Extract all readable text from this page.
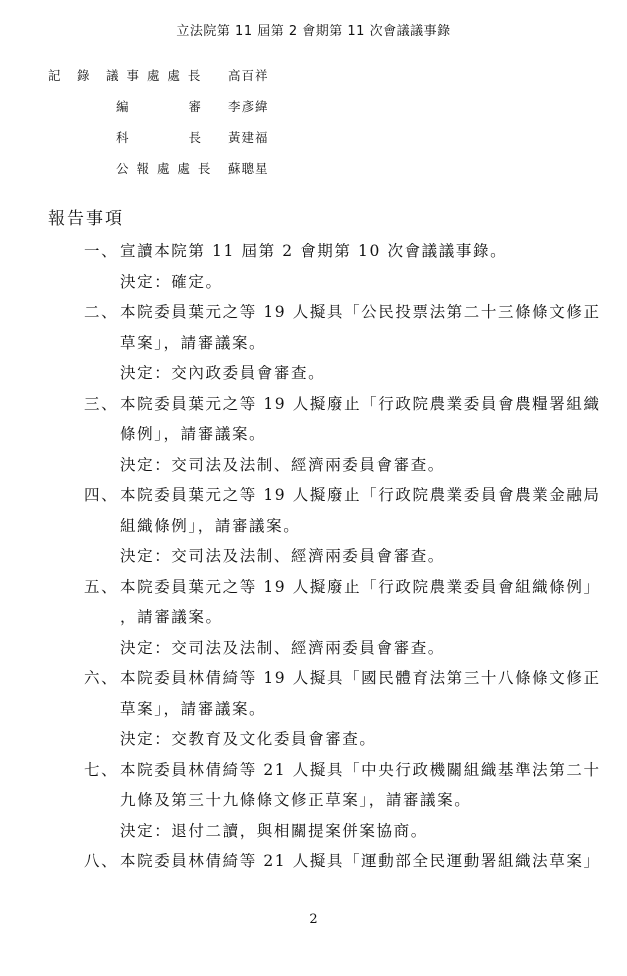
立法院第 11 屆第 2 會期第 11 次會議議事錄
記　錄　議 事 處 處 長 高百祥
編　　　　審 李彥緯
科　　　　長 黃建福
公 報 處 處 長 蘇聰星
報告事項
一、 宣讀本院第 11 屆第 2 會期第 10 次會議議事錄。
決定：確定。
二、 本院委員葉元之等 19 人擬具「公民投票法第二十三條條文修正
草案」，請審議案。
決定：交內政委員會審查。
三、 本院委員葉元之等 19 人擬廢止「行政院農業委員會農糧署組織
條例」，請審議案。
決定：交司法及法制、經濟兩委員會審查。
四、 本院委員葉元之等 19 人擬廢止「行政院農業委員會農業金融局
組織條例」，請審議案。
決定：交司法及法制、經濟兩委員會審查。
五、 本院委員葉元之等 19 人擬廢止「行政院農業委員會組織條例」
，請審議案。
決定：交司法及法制、經濟兩委員會審查。
六、 本院委員林倩綺等 19 人擬具「國民體育法第三十八條條文修正
草案」，請審議案。
決定：交教育及文化委員會審查。
七、 本院委員林倩綺等 21 人擬具「中央行政機關組織基準法第二十
九條及第三十九條條文修正草案」，請審議案。
決定：退付二讀，與相關提案併案協商。
八、 本院委員林倩綺等 21 人擬具「運動部全民運動署組織法草案」
2
